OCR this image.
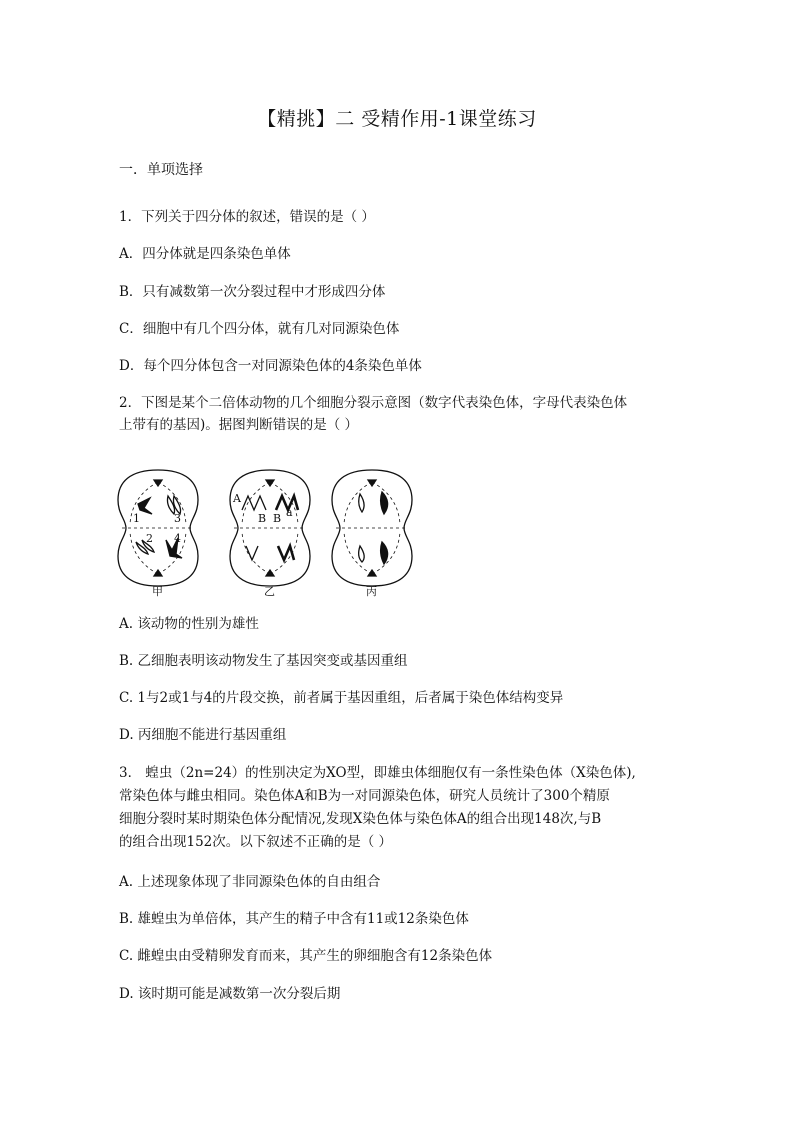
【精挑】二 受精作用-1课堂练习
一．单项选择
1．下列关于四分体的叙述，错误的是（ ）
A．四分体就是四条染色单体
B．只有减数第一次分裂过程中才形成四分体
C．细胞中有几个四分体，就有几对同源染色体
D．每个四分体包含一对同源染色体的4条染色单体
2．下图是某个二倍体动物的几个细胞分裂示意图（数字代表染色体，字母代表染色体
上带有的基因)。据图判断错误的是（ ）
1
2
3
4
甲
A
B B a
乙	丙
A. 该动物的性别为雄性
B. 乙细胞表明该动物发生了基因突变或基因重组
C. 1与2或1与4的片段交换，前者属于基因重组，后者属于染色体结构变异
D. 丙细胞不能进行基因重组
3． 蝗虫（2n=24）的性别决定为XO型，即雄虫体细胞仅有一条性染色体（X染色体),
常染色体与雌虫相同。染色体A和B为一对同源染色体，研究人员统计了300个精原
细胞分裂时某时期染色体分配情况,发现X染色体与染色体A的组合出现148次,与B
的组合出现152次。以下叙述不正确的是（ ）
A. 上述现象体现了非同源染色体的自由组合
B. 雄蝗虫为单倍体，其产生的精子中含有11或12条染色体
C. 雌蝗虫由受精卵发育而来，其产生的卵细胞含有12条染色体
D. 该时期可能是减数第一次分裂后期
